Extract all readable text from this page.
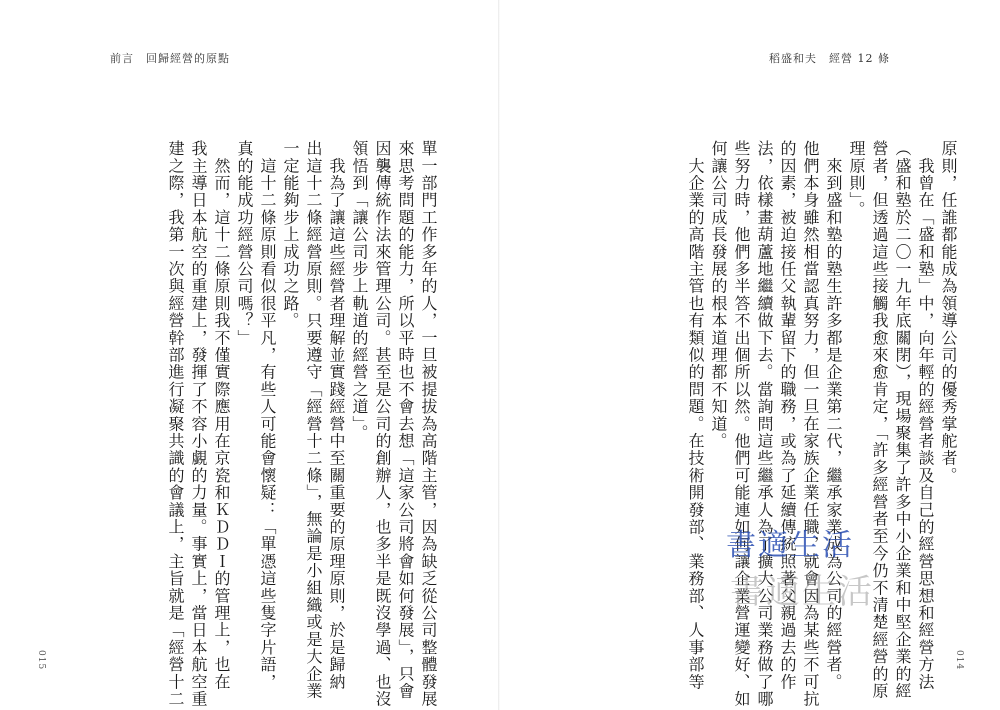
前言　回歸經營的原點

單一部門工作多年的人，一旦被提拔為高階主管，因為缺乏從公司整體發展

來思考問題的能力，所以平時也不會去想「這家公司將會如何發展」，只會

因襲傳統作法來管理公司。甚至是公司的創辦人，也多半是既沒學過、也沒

領悟到「讓公司步上軌道的經營之道」。

　我為了讓這些經營者理解並實踐經營中至關重要的原理原則，於是歸納

出這十二條經營原則。只要遵守「經營十二條」，無論是小組織或是大企業

一定能夠步上成功之路。

　這十二條原則看似很平凡，有些人可能會懷疑：「單憑這些隻字片語，

真的能成功經營公司嗎？」

　然而，這十二條原則我不僅實際應用在京瓷和ＫＤＤＩ的管理上，也在

我主導日本航空的重建上，發揮了不容小覷的力量。事實上，當日本航空重

建之際，我第一次與經營幹部進行凝聚共識的會議上，主旨就是「經營十二

015
稻盛和夫　經營 12 條

原則，任誰都能成為領導公司的優秀掌舵者。

　我曾在「盛和塾」中，向年輕的經營者談及自己的經營思想和經營方法

（盛和塾於二〇一九年底關閉），現場聚集了許多中小企業和中堅企業的經

營者，但透過這些接觸我愈來愈肯定，「許多經營者至今仍不清楚經營的原

理原則」。

　來到盛和塾的塾生許多都是企業第二代，繼承家業成為公司的經營者。

他們本身雖然相當認真努力，但一旦在家族企業任職，就會因為某些不可抗

的因素，被迫接任父執輩留下的職務，或為了延續傳統照著父親過去的作

法，依樣畫葫蘆地繼續做下去。當詢問這些繼承人為了擴大公司業務做了哪

些努力時，他們多半答不出個所以然。他們可能連如何讓企業營運變好、如

何讓公司成長發展的根本道理都不知道。

　大企業的高階主管也有類似的問題。在技術開發部、業務部、人事部等 書適生活
書適生活
014
